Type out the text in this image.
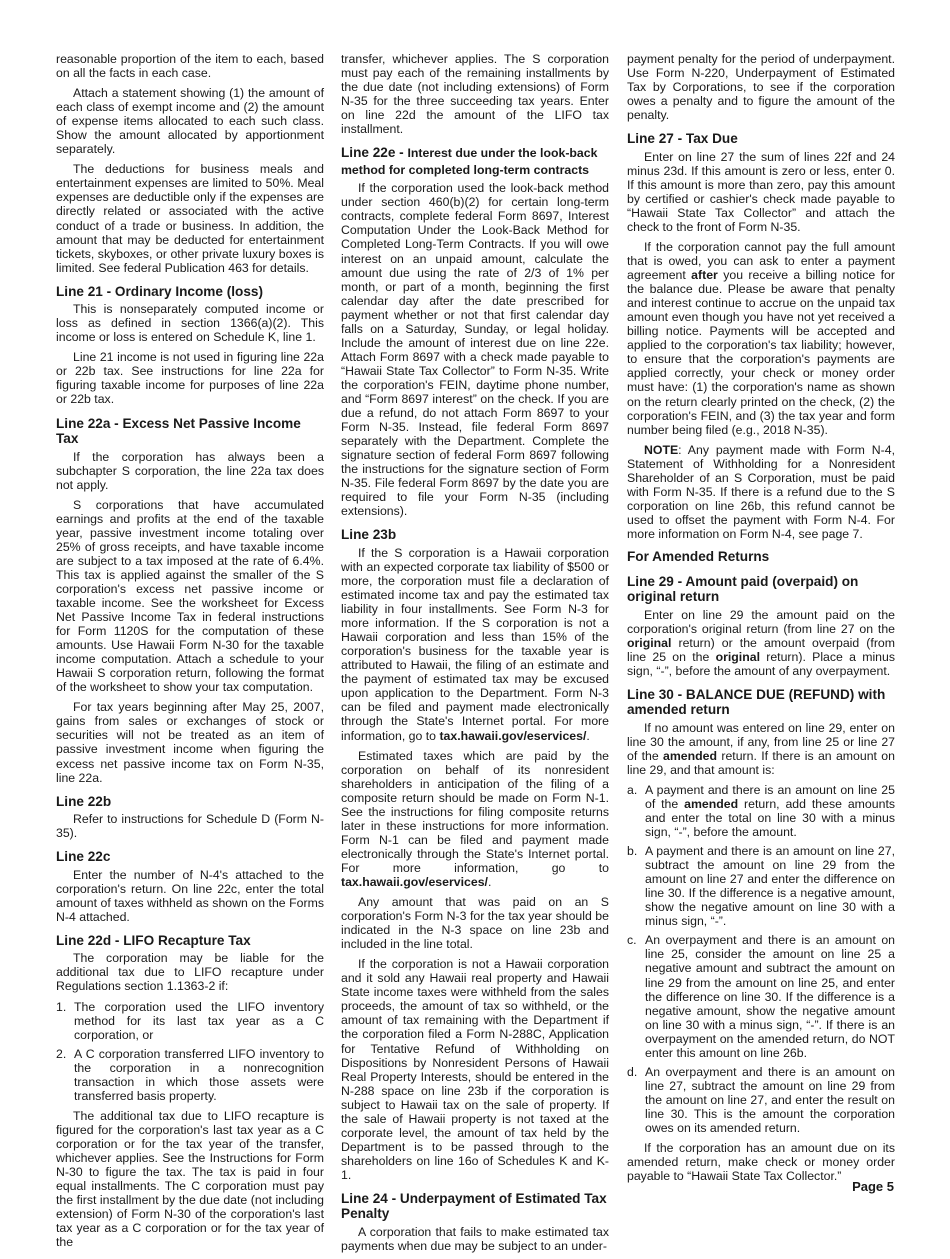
reasonable proportion of the item to each, based on all the facts in each case.

Attach a statement showing (1) the amount of each class of exempt income and (2) the amount of expense items allocated to each such class. Show the amount allocated by apportionment separately.

The deductions for business meals and entertainment expenses are limited to 50%. Meal expenses are deductible only if the expenses are directly related or associated with the active conduct of a trade or business. In addition, the amount that may be deducted for entertainment tickets, skyboxes, or other private luxury boxes is limited. See federal Publication 463 for details.

Line 21 - Ordinary Income (loss)

This is nonseparately computed income or loss as defined in section 1366(a)(2). This income or loss is entered on Schedule K, line 1.

Line 21 income is not used in figuring line 22a or 22b tax. See instructions for line 22a for figuring taxable income for purposes of line 22a or 22b tax.

Line 22a - Excess Net Passive Income Tax

If the corporation has always been a subchapter S corporation, the line 22a tax does not apply.

S corporations that have accumulated earnings and profits at the end of the taxable year, passive investment income totaling over 25% of gross receipts, and have taxable income are subject to a tax imposed at the rate of 6.4%. This tax is applied against the smaller of the S corporation's excess net passive income or taxable income. See the worksheet for Excess Net Passive Income Tax in federal instructions for Form 1120S for the computation of these amounts. Use Hawaii Form N-30 for the taxable income computation. Attach a schedule to your Hawaii S corporation return, following the format of the worksheet to show your tax computation.

For tax years beginning after May 25, 2007, gains from sales or exchanges of stock or securities will not be treated as an item of passive investment income when figuring the excess net passive income tax on Form N-35, line 22a.

Line 22b

Refer to instructions for Schedule D (Form N-35).

Line 22c

Enter the number of N-4's attached to the corporation's return. On line 22c, enter the total amount of taxes withheld as shown on the Forms N-4 attached.

Line 22d - LIFO Recapture Tax

The corporation may be liable for the additional tax due to LIFO recapture under Regulations section 1.1363-2 if:

1. The corporation used the LIFO inventory method for its last tax year as a C corporation, or
2. A C corporation transferred LIFO inventory to the corporation in a nonrecognition transaction in which those assets were transferred basis property.

The additional tax due to LIFO recapture is figured for the corporation's last tax year as a C corporation or for the tax year of the transfer, whichever applies. See the Instructions for Form N-30 to figure the tax. The tax is paid in four equal installments. The C corporation must pay the first installment by the due date (not including extension) of Form N-30 of the corporation's last tax year as a C corporation or for the tax year of the

transfer, whichever applies. The S corporation must pay each of the remaining installments by the due date (not including extensions) of Form N-35 for the three succeeding tax years. Enter on line 22d the amount of the LIFO tax installment.

Line 22e - Interest due under the look-back method for completed long-term contracts

If the corporation used the look-back method under section 460(b)(2) for certain long-term contracts, complete federal Form 8697, Interest Computation Under the Look-Back Method for Completed Long-Term Contracts. If you will owe interest on an unpaid amount, calculate the amount due using the rate of 2/3 of 1% per month, or part of a month, beginning the first calendar day after the date prescribed for payment whether or not that first calendar day falls on a Saturday, Sunday, or legal holiday. Include the amount of interest due on line 22e. Attach Form 8697 with a check made payable to “Hawaii State Tax Collector” to Form N-35. Write the corporation's FEIN, daytime phone number, and “Form 8697 interest” on the check. If you are due a refund, do not attach Form 8697 to your Form N-35. Instead, file federal Form 8697 separately with the Department. Complete the signature section of federal Form 8697 following the instructions for the signature section of Form N-35. File federal Form 8697 by the date you are required to file your Form N-35 (including extensions).

Line 23b

If the S corporation is a Hawaii corporation with an expected corporate tax liability of $500 or more, the corporation must file a declaration of estimated income tax and pay the estimated tax liability in four installments. See Form N-3 for more information. If the S corporation is not a Hawaii corporation and less than 15% of the corporation's business for the taxable year is attributed to Hawaii, the filing of an estimate and the payment of estimated tax may be excused upon application to the Department. Form N-3 can be filed and payment made electronically through the State's Internet portal. For more information, go to tax.hawaii.gov/eservices/.

Estimated taxes which are paid by the corporation on behalf of its nonresident shareholders in anticipation of the filing of a composite return should be made on Form N-1. See the instructions for filing composite returns later in these instructions for more information. Form N-1 can be filed and payment made electronically through the State's Internet portal. For more information, go to tax.hawaii.gov/eservices/.

Any amount that was paid on an S corporation's Form N-3 for the tax year should be indicated in the N-3 space on line 23b and included in the line total.

If the corporation is not a Hawaii corporation and it sold any Hawaii real property and Hawaii State income taxes were withheld from the sales proceeds, the amount of tax so withheld, or the amount of tax remaining with the Department if the corporation filed a Form N-288C, Application for Tentative Refund of Withholding on Dispositions by Nonresident Persons of Hawaii Real Property Interests, should be entered in the N-288 space on line 23b if the corporation is subject to Hawaii tax on the sale of property. If the sale of Hawaii property is not taxed at the corporate level, the amount of tax held by the Department is to be passed through to the shareholders on line 16o of Schedules K and K-1.

Line 24 - Underpayment of Estimated Tax Penalty

A corporation that fails to make estimated tax payments when due may be subject to an under-

payment penalty for the period of underpayment. Use Form N-220, Underpayment of Estimated Tax by Corporations, to see if the corporation owes a penalty and to figure the amount of the penalty.

Line 27 - Tax Due

Enter on line 27 the sum of lines 22f and 24 minus 23d. If this amount is zero or less, enter 0. If this amount is more than zero, pay this amount by certified or cashier's check made payable to “Hawaii State Tax Collector” and attach the check to the front of Form N-35.

If the corporation cannot pay the full amount that is owed, you can ask to enter a payment agreement after you receive a billing notice for the balance due. Please be aware that penalty and interest continue to accrue on the unpaid tax amount even though you have not yet received a billing notice. Payments will be accepted and applied to the corporation's tax liability; however, to ensure that the corporation's payments are applied correctly, your check or money order must have: (1) the corporation's name as shown on the return clearly printed on the check, (2) the corporation's FEIN, and (3) the tax year and form number being filed (e.g., 2018 N-35).

NOTE: Any payment made with Form N-4, Statement of Withholding for a Nonresident Shareholder of an S Corporation, must be paid with Form N-35. If there is a refund due to the S corporation on line 26b, this refund cannot be used to offset the payment with Form N-4. For more information on Form N-4, see page 7.

For Amended Returns
Line 29 - Amount paid (overpaid) on original return

Enter on line 29 the amount paid on the corporation's original return (from line 27 on the original return) or the amount overpaid (from line 25 on the original return). Place a minus sign, “-”, before the amount of any overpayment.

Line 30 - BALANCE DUE (REFUND) with amended return

If no amount was entered on line 29, enter on line 30 the amount, if any, from line 25 or line 27 of the amended return. If there is an amount on line 29, and that amount is:

a. A payment and there is an amount on line 25 of the amended return, add these amounts and enter the total on line 30 with a minus sign, “-”, before the amount.
b. A payment and there is an amount on line 27, subtract the amount on line 29 from the amount on line 27 and enter the difference on line 30. If the difference is a negative amount, show the negative amount on line 30 with a minus sign, “-”.
c. An overpayment and there is an amount on line 25, consider the amount on line 25 a negative amount and subtract the amount on line 29 from the amount on line 25, and enter the difference on line 30. If the difference is a negative amount, show the negative amount on line 30 with a minus sign, “-”. If there is an overpayment on the amended return, do NOT enter this amount on line 26b.
d. An overpayment and there is an amount on line 27, subtract the amount on line 29 from the amount on line 27, and enter the result on line 30. This is the amount the corporation owes on its amended return.

If the corporation has an amount due on its amended return, make check or money order payable to “Hawaii State Tax Collector.”

Page 5
